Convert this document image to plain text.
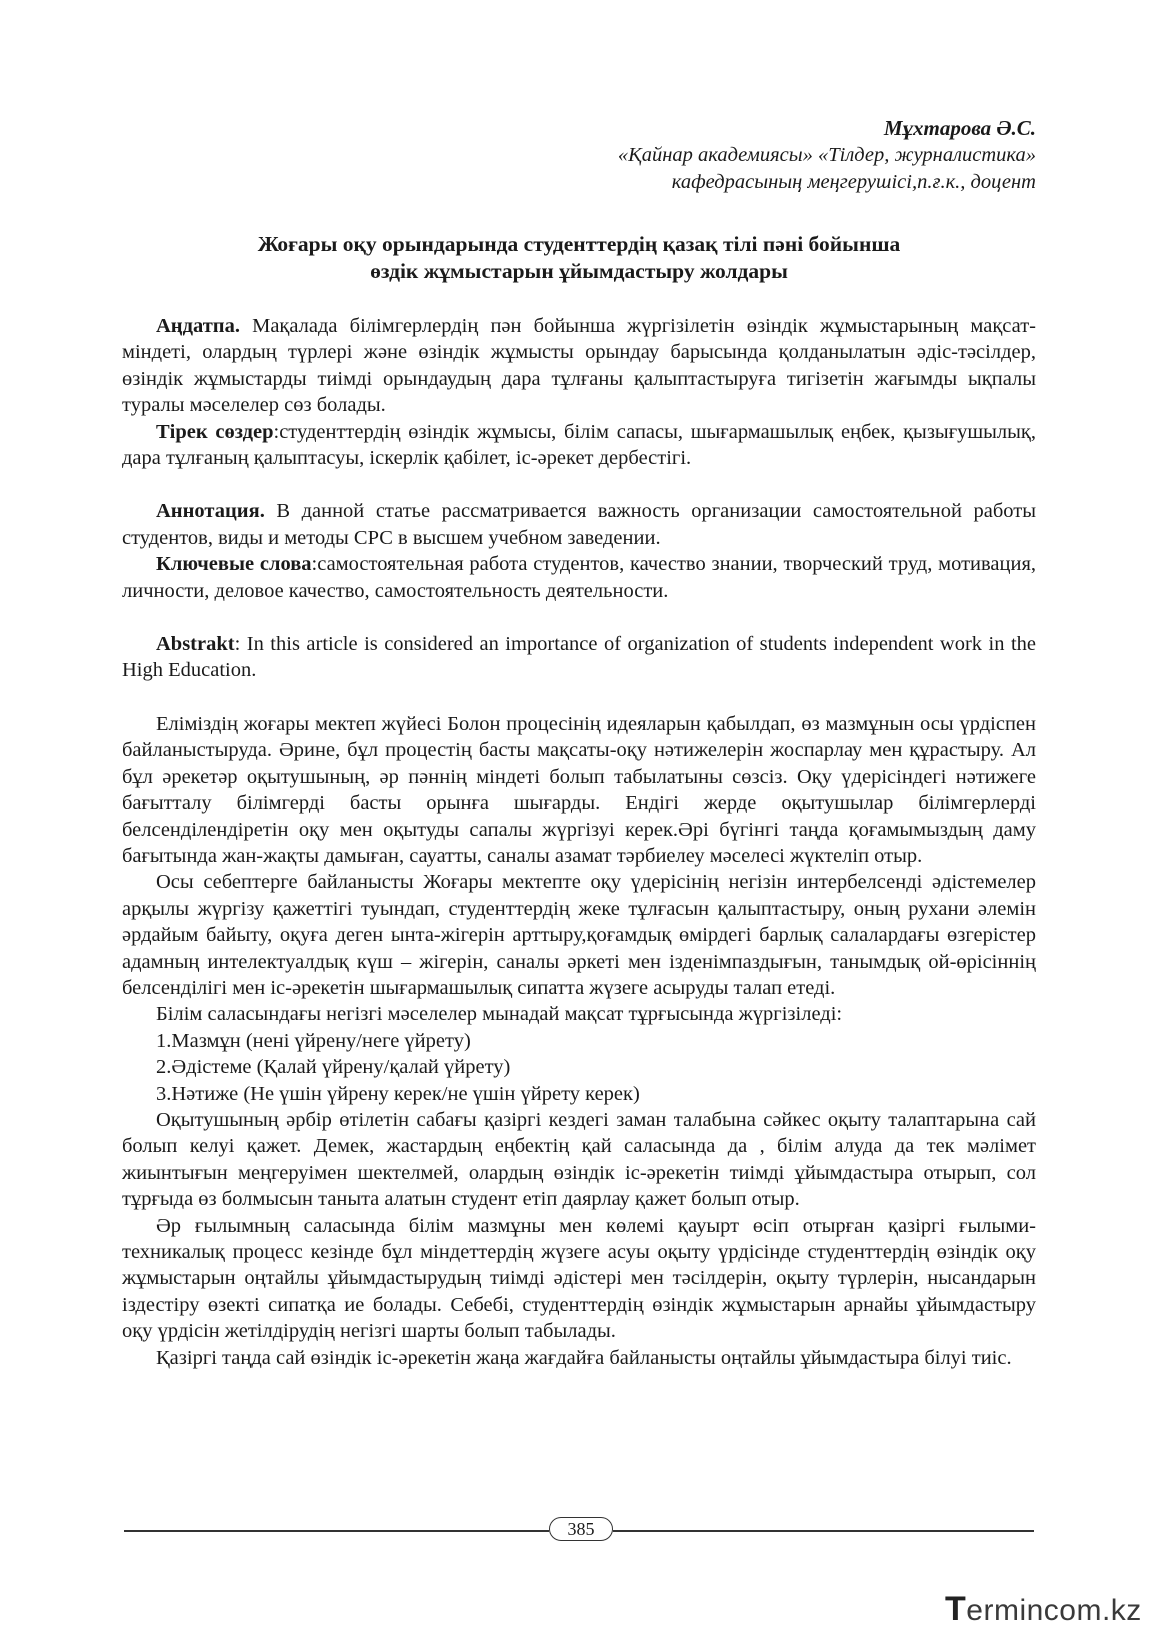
Мұхтарова Ә.С.
«Қайнар академиясы» «Тілдер, журналистика»
кафедрасының меңгерушісі,п.ғ.к., доцент
Жоғары оқу орындарында студенттердің қазақ тілі пәні бойынша
өздік жұмыстарын ұйымдастыру жолдары

Аңдатпа. Мақалада білімгерлердің пән бойынша жүргізілетін өзіндік жұмыстарының мақсат-міндеті, олардың түрлері және өзіндік жұмысты орындау барысында қолданылатын әдіс-тәсілдер, өзіндік жұмыстарды тиімді орындаудың дара тұлғаны қалыптастыруға тигізетін жағымды ықпалы туралы мәселелер сөз болады.

Тірек сөздер:студенттердің өзіндік жұмысы, білім сапасы, шығармашылық еңбек, қызығушылық, дара тұлғаның қалыптасуы, іскерлік қабілет, іс-әрекет дербестігі.

Аннотация. В данной статье рассматривается важность организации самостоятельной работы студентов, виды и методы СРС в высшем учебном заведении.

Ключевые слова:самостоятельная работа студентов, качество знании, творческий труд, мотивация, личности, деловое качество, самостоятельность деятельности.

Abstrakt: In this article is considered an importance of organization of students independent work in the High Education.

Еліміздің жоғары мектеп жүйесі Болон процесінің идеяларын қабылдап, өз мазмұнын осы үрдіспен байланыстыруда. Әрине, бұл процестің басты мақсаты-оқу нәтижелерін жоспарлау мен құрастыру. Ал бұл әрекетәр оқытушының, әр пәннің міндеті болып табылатыны сөзсіз. Оқу үдерісіндегі нәтижеге бағытталу білімгерді басты орынға шығарды. Ендігі жерде оқытушылар білімгерлерді белсенділендіретін оқу мен оқытуды сапалы жүргізуі керек.Әрі бүгінгі таңда қоғамымыздың даму бағытында жан-жақты дамыған, сауатты, саналы азамат тәрбиелеу мәселесі жүктеліп отыр.

Осы себептерге байланысты Жоғары мектепте оқу үдерісінің негізін интербелсенді әдістемелер арқылы жүргізу қажеттігі туындап, студенттердің жеке тұлғасын қалыптастыру, оның рухани әлемін әрдайым байыту, оқуға деген ынта-жігерін арттыру,қоғамдық өмірдегі барлық салалардағы өзгерістер адамның интелектуалдық күш – жігерін, саналы әркеті мен ізденімпаздығын, танымдық ой-өрісіннің белсенділігі мен іс-әрекетін шығармашылық сипатта жүзеге асыруды талап етеді.

Білім саласындағы негізгі мәселелер мынадай мақсат тұрғысында жүргізіледі:

1.Мазмұн (нені үйрену/неге үйрету)

2.Әдістеме (Қалай үйрену/қалай үйрету)

3.Нәтиже (Не үшін үйрену керек/не үшін үйрету керек)

Оқытушының әрбір өтілетін сабағы қазіргі кездегі заман талабына сәйкес оқыту талаптарына сай болып келуі қажет. Демек, жастардың еңбектің қай саласында да , білім алуда да тек мәлімет жиынтығын меңгеруімен шектелмей, олардың өзіндік іс-әрекетін тиімді ұйымдастыра отырып, сол тұрғыда өз болмысын танытa алатын студент етіп даярлау қажет болып отыр.

Әр ғылымның саласында білім мазмұны мен көлемі қауырт өсіп отырған қазіргі ғылыми-техникалық процесс кезінде бұл міндеттердің жүзеге асуы оқыту үрдісінде студенттердің өзіндік оқу жұмыстарын оңтайлы ұйымдастырудың тиімді әдістері мен тәсілдерін, оқыту түрлерін, нысандарын іздестіру өзекті сипатқа ие болады. Себебі, студенттердің өзіндік жұмыстарын арнайы ұйымдастыру оқу үрдісін жетілдірудің негізгі шарты болып табылады.

Қазіргі таңда сай өзіндік іс-әрекетін жаңа жағдайға байланысты оңтайлы ұйымдастыра білуі тиіс.

385
Termincom.kz
